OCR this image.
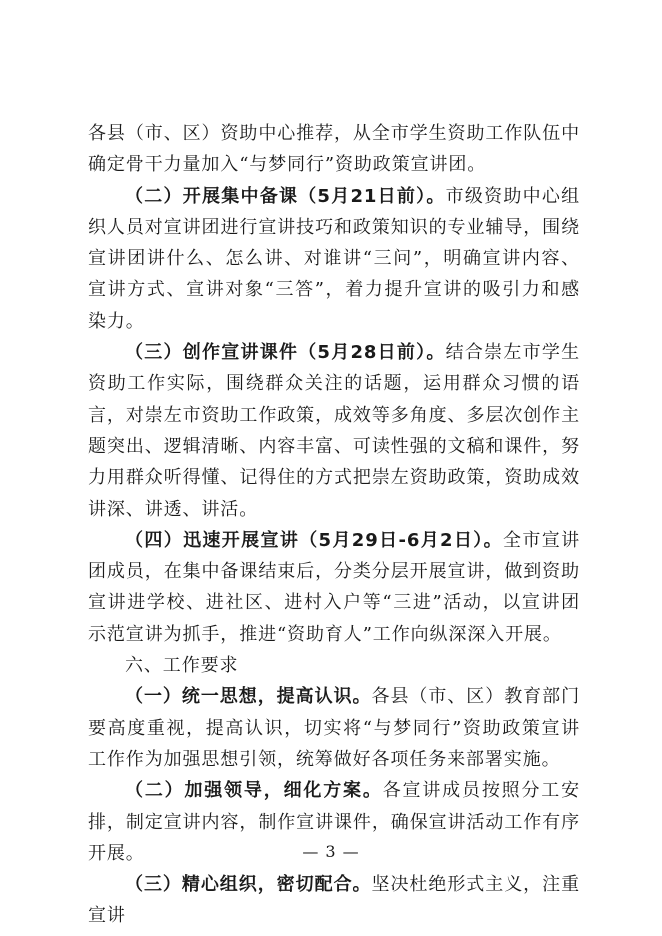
各县（市、区）资助中心推荐，从全市学生资助工作队伍中确定骨干力量加入“与梦同行”资助政策宣讲团。

（二）开展集中备课（5月21日前）。市级资助中心组织人员对宣讲团进行宣讲技巧和政策知识的专业辅导，围绕宣讲团讲什么、怎么讲、对谁讲“三问”，明确宣讲内容、宣讲方式、宣讲对象“三答”，着力提升宣讲的吸引力和感染力。

（三）创作宣讲课件（5月28日前）。结合崇左市学生资助工作实际，围绕群众关注的话题，运用群众习惯的语言，对崇左市资助工作政策，成效等多角度、多层次创作主题突出、逻辑清晰、内容丰富、可读性强的文稿和课件，努力用群众听得懂、记得住的方式把崇左资助政策，资助成效讲深、讲透、讲活。

（四）迅速开展宣讲（5月29日-6月2日）。全市宣讲团成员，在集中备课结束后，分类分层开展宣讲，做到资助宣讲进学校、进社区、进村入户等“三进”活动，以宣讲团示范宣讲为抓手，推进“资助育人”工作向纵深深入开展。

六、工作要求

（一）统一思想，提高认识。各县（市、区）教育部门要高度重视，提高认识，切实将“与梦同行”资助政策宣讲工作作为加强思想引领，统筹做好各项任务来部署实施。

（二）加强领导，细化方案。各宣讲成员按照分工安排，制定宣讲内容，制作宣讲课件，确保宣讲活动工作有序开展。

（三）精心组织，密切配合。坚决杜绝形式主义，注重宣讲

— 3 —
